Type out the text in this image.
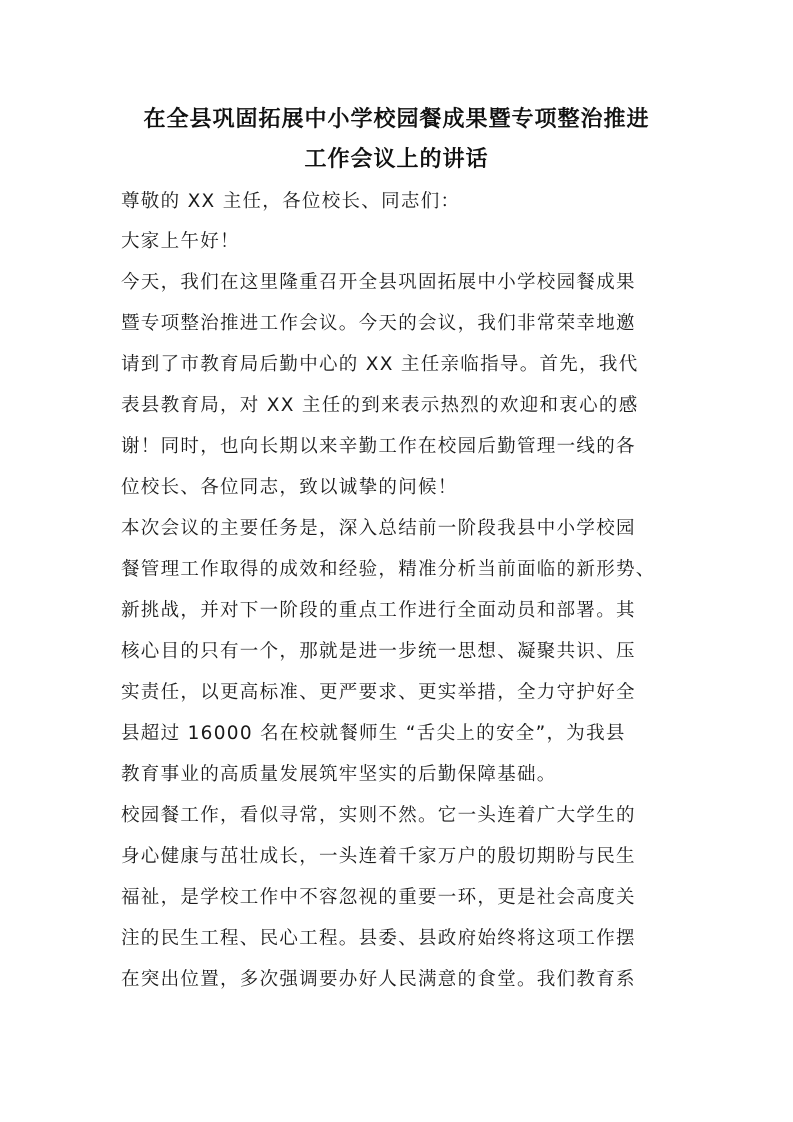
在全县巩固拓展中小学校园餐成果暨专项整治推进
工作会议上的讲话
尊敬的 XX 主任，各位校长、同志们：
大家上午好！
今天，我们在这里隆重召开全县巩固拓展中小学校园餐成果
暨专项整治推进工作会议。今天的会议，我们非常荣幸地邀
请到了市教育局后勤中心的 XX 主任亲临指导。首先，我代
表县教育局，对 XX 主任的到来表示热烈的欢迎和衷心的感
谢！同时，也向长期以来辛勤工作在校园后勤管理一线的各
位校长、各位同志，致以诚挚的问候！
本次会议的主要任务是，深入总结前一阶段我县中小学校园
餐管理工作取得的成效和经验，精准分析当前面临的新形势、
新挑战，并对下一阶段的重点工作进行全面动员和部署。其
核心目的只有一个，那就是进一步统一思想、凝聚共识、压
实责任，以更高标准、更严要求、更实举措，全力守护好全
县超过 16000 名在校就餐师生 “舌尖上的安全”，为我县
教育事业的高质量发展筑牢坚实的后勤保障基础。
校园餐工作，看似寻常，实则不然。它一头连着广大学生的
身心健康与茁壮成长，一头连着千家万户的殷切期盼与民生
福祉，是学校工作中不容忽视的重要一环，更是社会高度关
注的民生工程、民心工程。县委、县政府始终将这项工作摆
在突出位置，多次强调要办好人民满意的食堂。我们教育系
